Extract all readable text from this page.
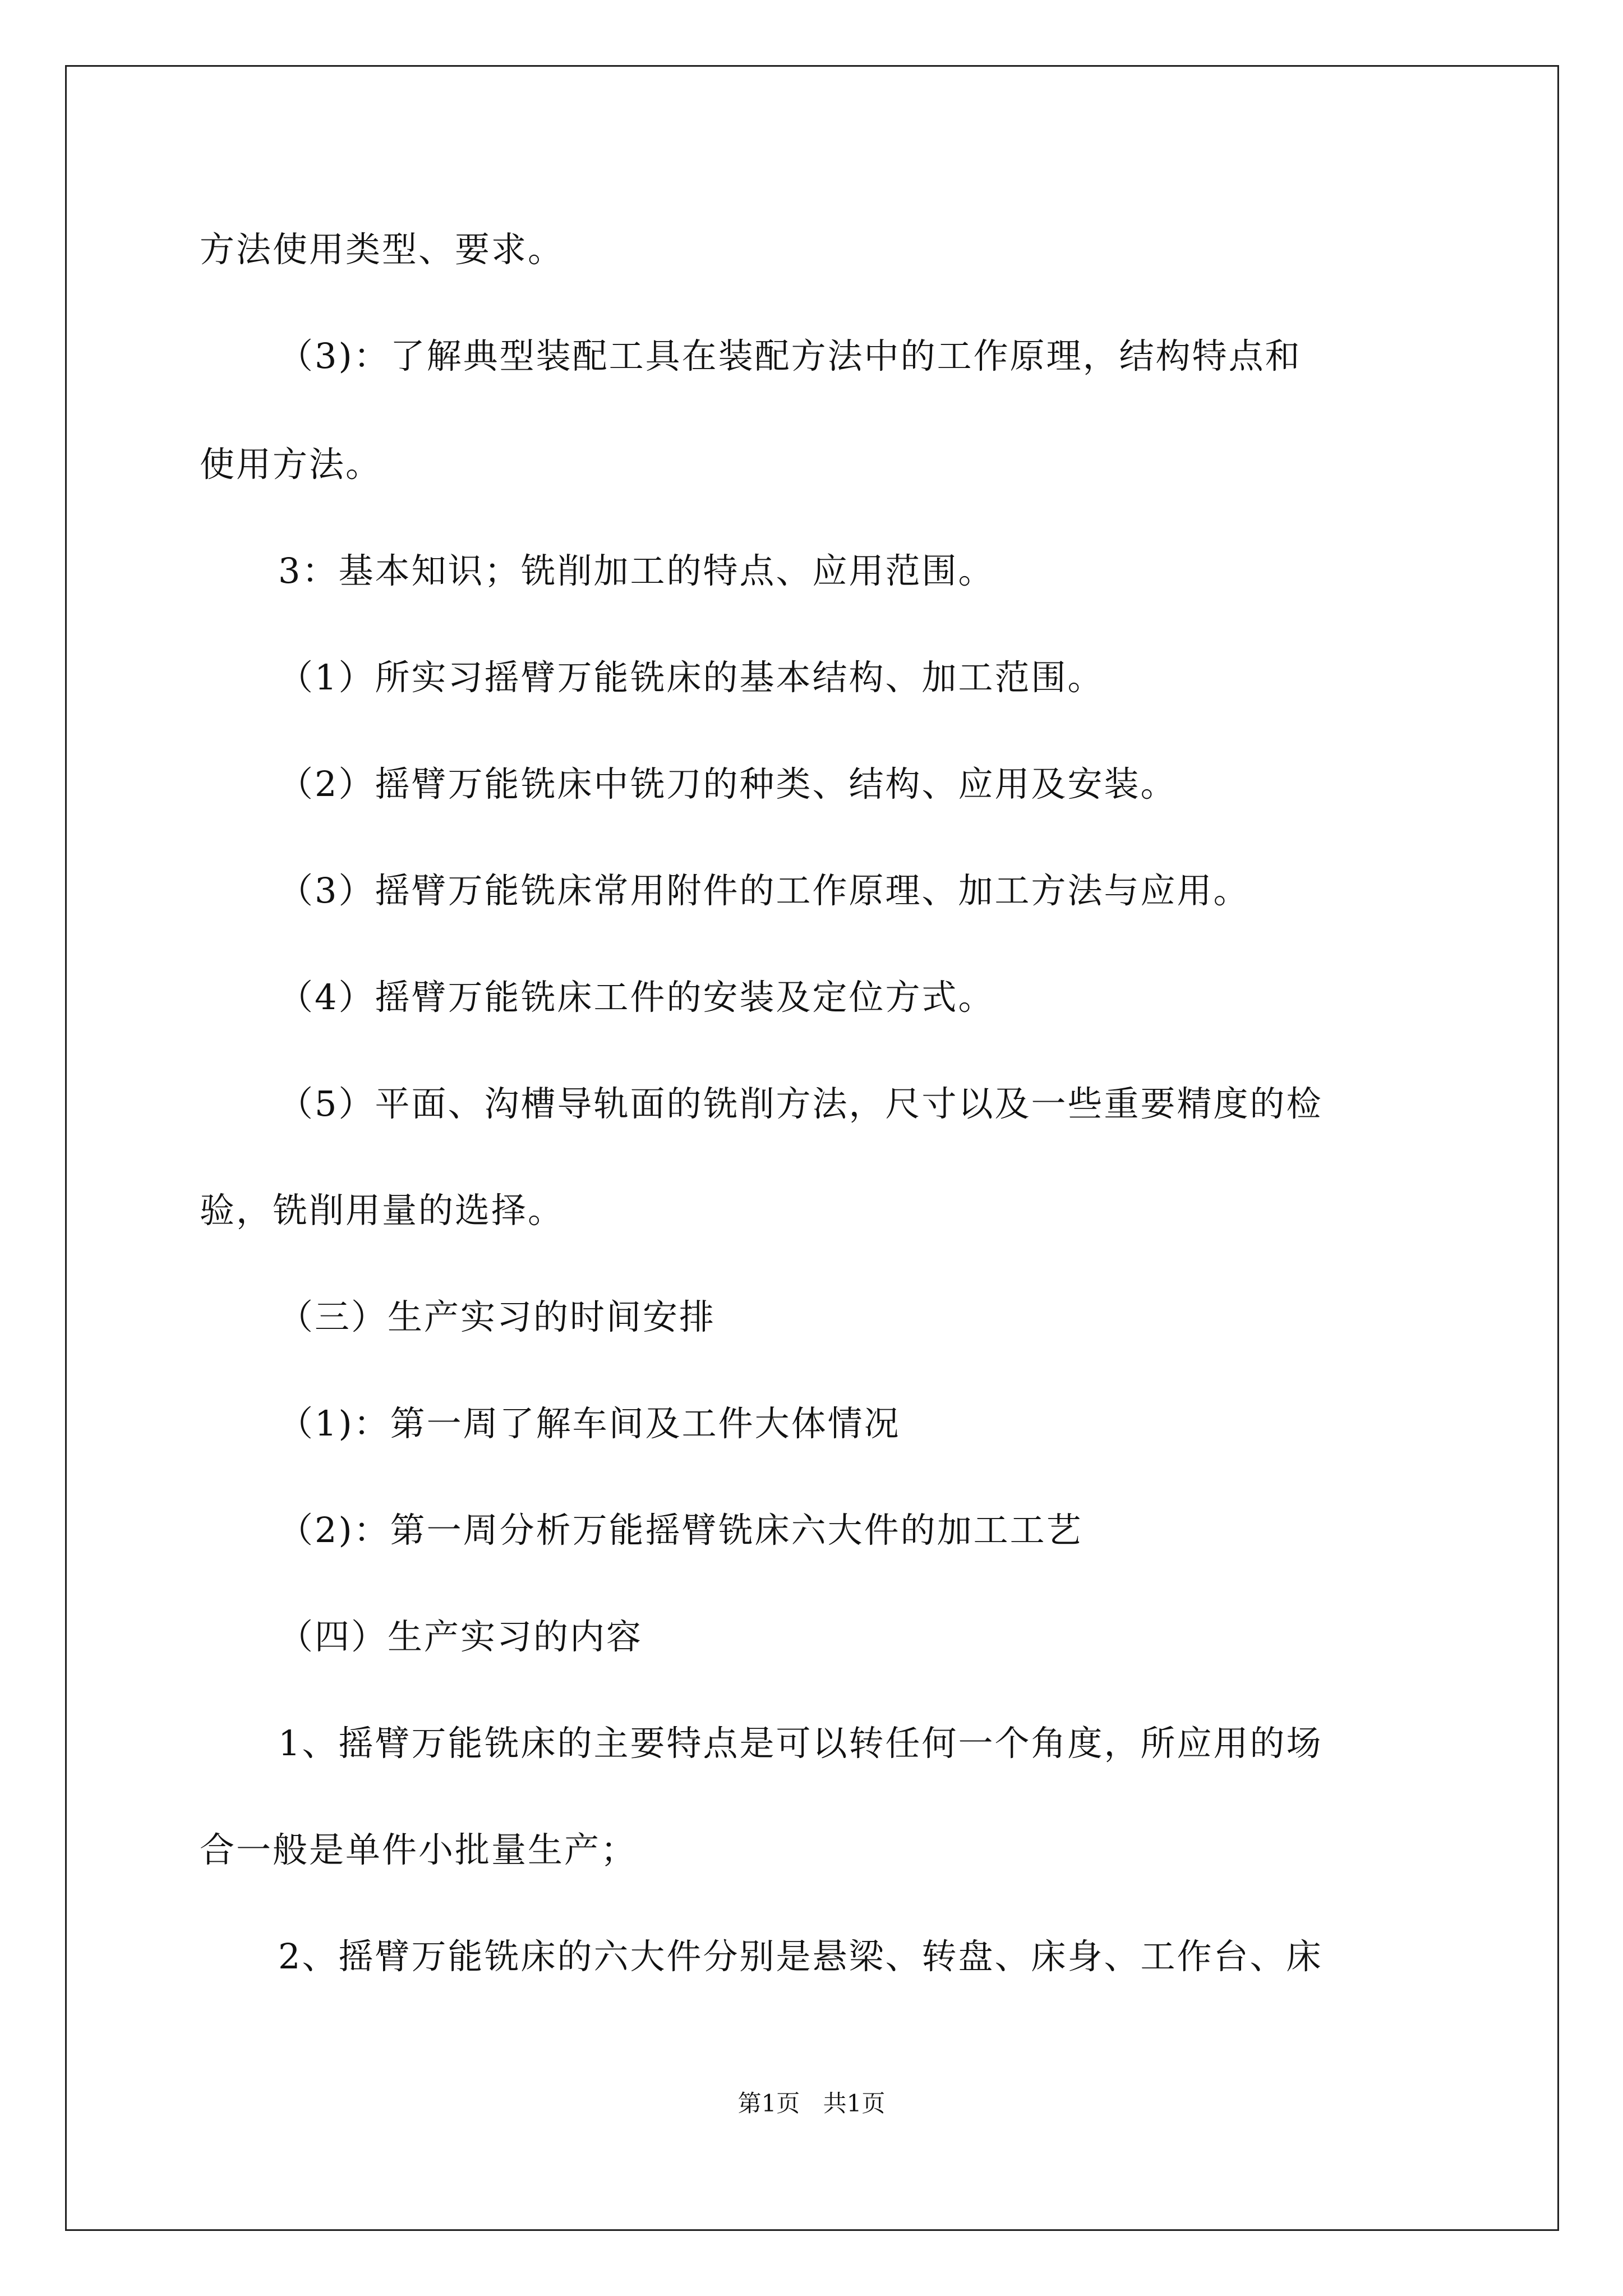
方法使用类型、要求。
（3)：了解典型装配工具在装配方法中的工作原理，结构特点和
使用方法。
3：基本知识；铣削加工的特点、应用范围。
（1）所实习摇臂万能铣床的基本结构、加工范围。
（2）摇臂万能铣床中铣刀的种类、结构、应用及安装。
（3）摇臂万能铣床常用附件的工作原理、加工方法与应用。
（4）摇臂万能铣床工件的安装及定位方式。
（5）平面、沟槽导轨面的铣削方法，尺寸以及一些重要精度的检
验，铣削用量的选择。
（三）生产实习的时间安排
（1)：第一周了解车间及工件大体情况
（2)：第一周分析万能摇臂铣床六大件的加工工艺
（四）生产实习的内容
1、摇臂万能铣床的主要特点是可以转任何一个角度，所应用的场
合一般是单件小批量生产；
2、摇臂万能铣床的六大件分别是悬梁、转盘、床身、工作台、床
第1页 共1页
